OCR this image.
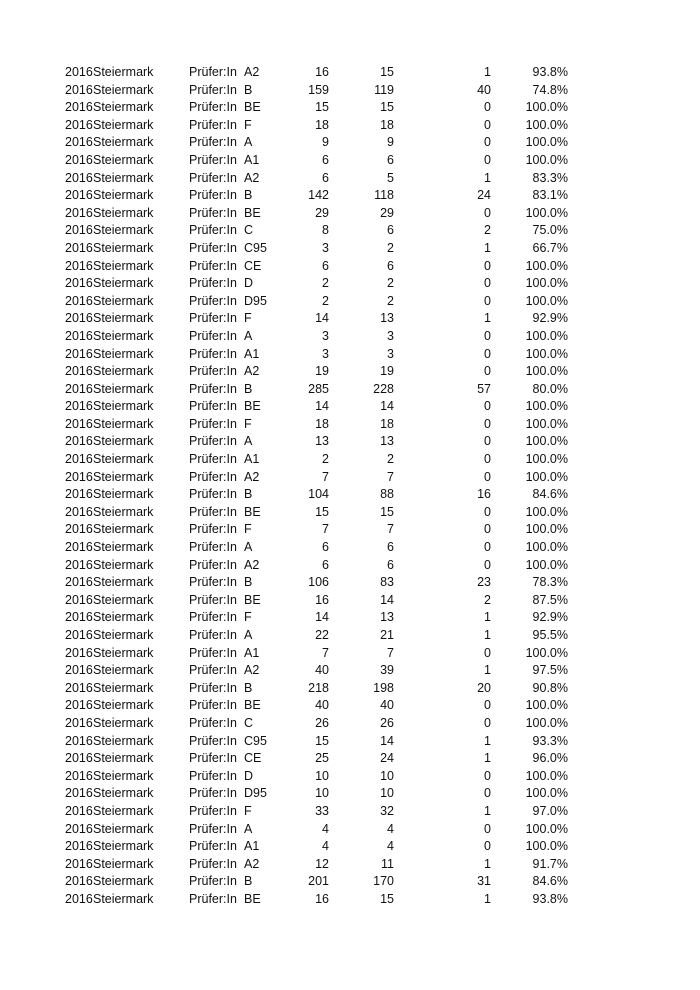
2016 Steiermark	Prüfer:In A2	16	15	1	93.8%
2016 Steiermark	Prüfer:In B	159	119	40	74.8%
2016 Steiermark	Prüfer:In BE	15	15	0	100.0%
2016 Steiermark	Prüfer:In F	18	18	0	100.0%
2016 Steiermark	Prüfer:In A	9	9	0	100.0%
2016 Steiermark	Prüfer:In A1	6	6	0	100.0%
2016 Steiermark	Prüfer:In A2	6	5	1	83.3%
2016 Steiermark	Prüfer:In B	142	118	24	83.1%
2016 Steiermark	Prüfer:In BE	29	29	0	100.0%
2016 Steiermark	Prüfer:In C	8	6	2	75.0%
2016 Steiermark	Prüfer:In C95	3	2	1	66.7%
2016 Steiermark	Prüfer:In CE	6	6	0	100.0%
2016 Steiermark	Prüfer:In D	2	2	0	100.0%
2016 Steiermark	Prüfer:In D95	2	2	0	100.0%
2016 Steiermark	Prüfer:In F	14	13	1	92.9%
2016 Steiermark	Prüfer:In A	3	3	0	100.0%
2016 Steiermark	Prüfer:In A1	3	3	0	100.0%
2016 Steiermark	Prüfer:In A2	19	19	0	100.0%
2016 Steiermark	Prüfer:In B	285	228	57	80.0%
2016 Steiermark	Prüfer:In BE	14	14	0	100.0%
2016 Steiermark	Prüfer:In F	18	18	0	100.0%
2016 Steiermark	Prüfer:In A	13	13	0	100.0%
2016 Steiermark	Prüfer:In A1	2	2	0	100.0%
2016 Steiermark	Prüfer:In A2	7	7	0	100.0%
2016 Steiermark	Prüfer:In B	104	88	16	84.6%
2016 Steiermark	Prüfer:In BE	15	15	0	100.0%
2016 Steiermark	Prüfer:In F	7	7	0	100.0%
2016 Steiermark	Prüfer:In A	6	6	0	100.0%
2016 Steiermark	Prüfer:In A2	6	6	0	100.0%
2016 Steiermark	Prüfer:In B	106	83	23	78.3%
2016 Steiermark	Prüfer:In BE	16	14	2	87.5%
2016 Steiermark	Prüfer:In F	14	13	1	92.9%
2016 Steiermark	Prüfer:In A	22	21	1	95.5%
2016 Steiermark	Prüfer:In A1	7	7	0	100.0%
2016 Steiermark	Prüfer:In A2	40	39	1	97.5%
2016 Steiermark	Prüfer:In B	218	198	20	90.8%
2016 Steiermark	Prüfer:In BE	40	40	0	100.0%
2016 Steiermark	Prüfer:In C	26	26	0	100.0%
2016 Steiermark	Prüfer:In C95	15	14	1	93.3%
2016 Steiermark	Prüfer:In CE	25	24	1	96.0%
2016 Steiermark	Prüfer:In D	10	10	0	100.0%
2016 Steiermark	Prüfer:In D95	10	10	0	100.0%
2016 Steiermark	Prüfer:In F	33	32	1	97.0%
2016 Steiermark	Prüfer:In A	4	4	0	100.0%
2016 Steiermark	Prüfer:In A1	4	4	0	100.0%
2016 Steiermark	Prüfer:In A2	12	11	1	91.7%
2016 Steiermark	Prüfer:In B	201	170	31	84.6%
2016 Steiermark	Prüfer:In BE	16	15	1	93.8%
